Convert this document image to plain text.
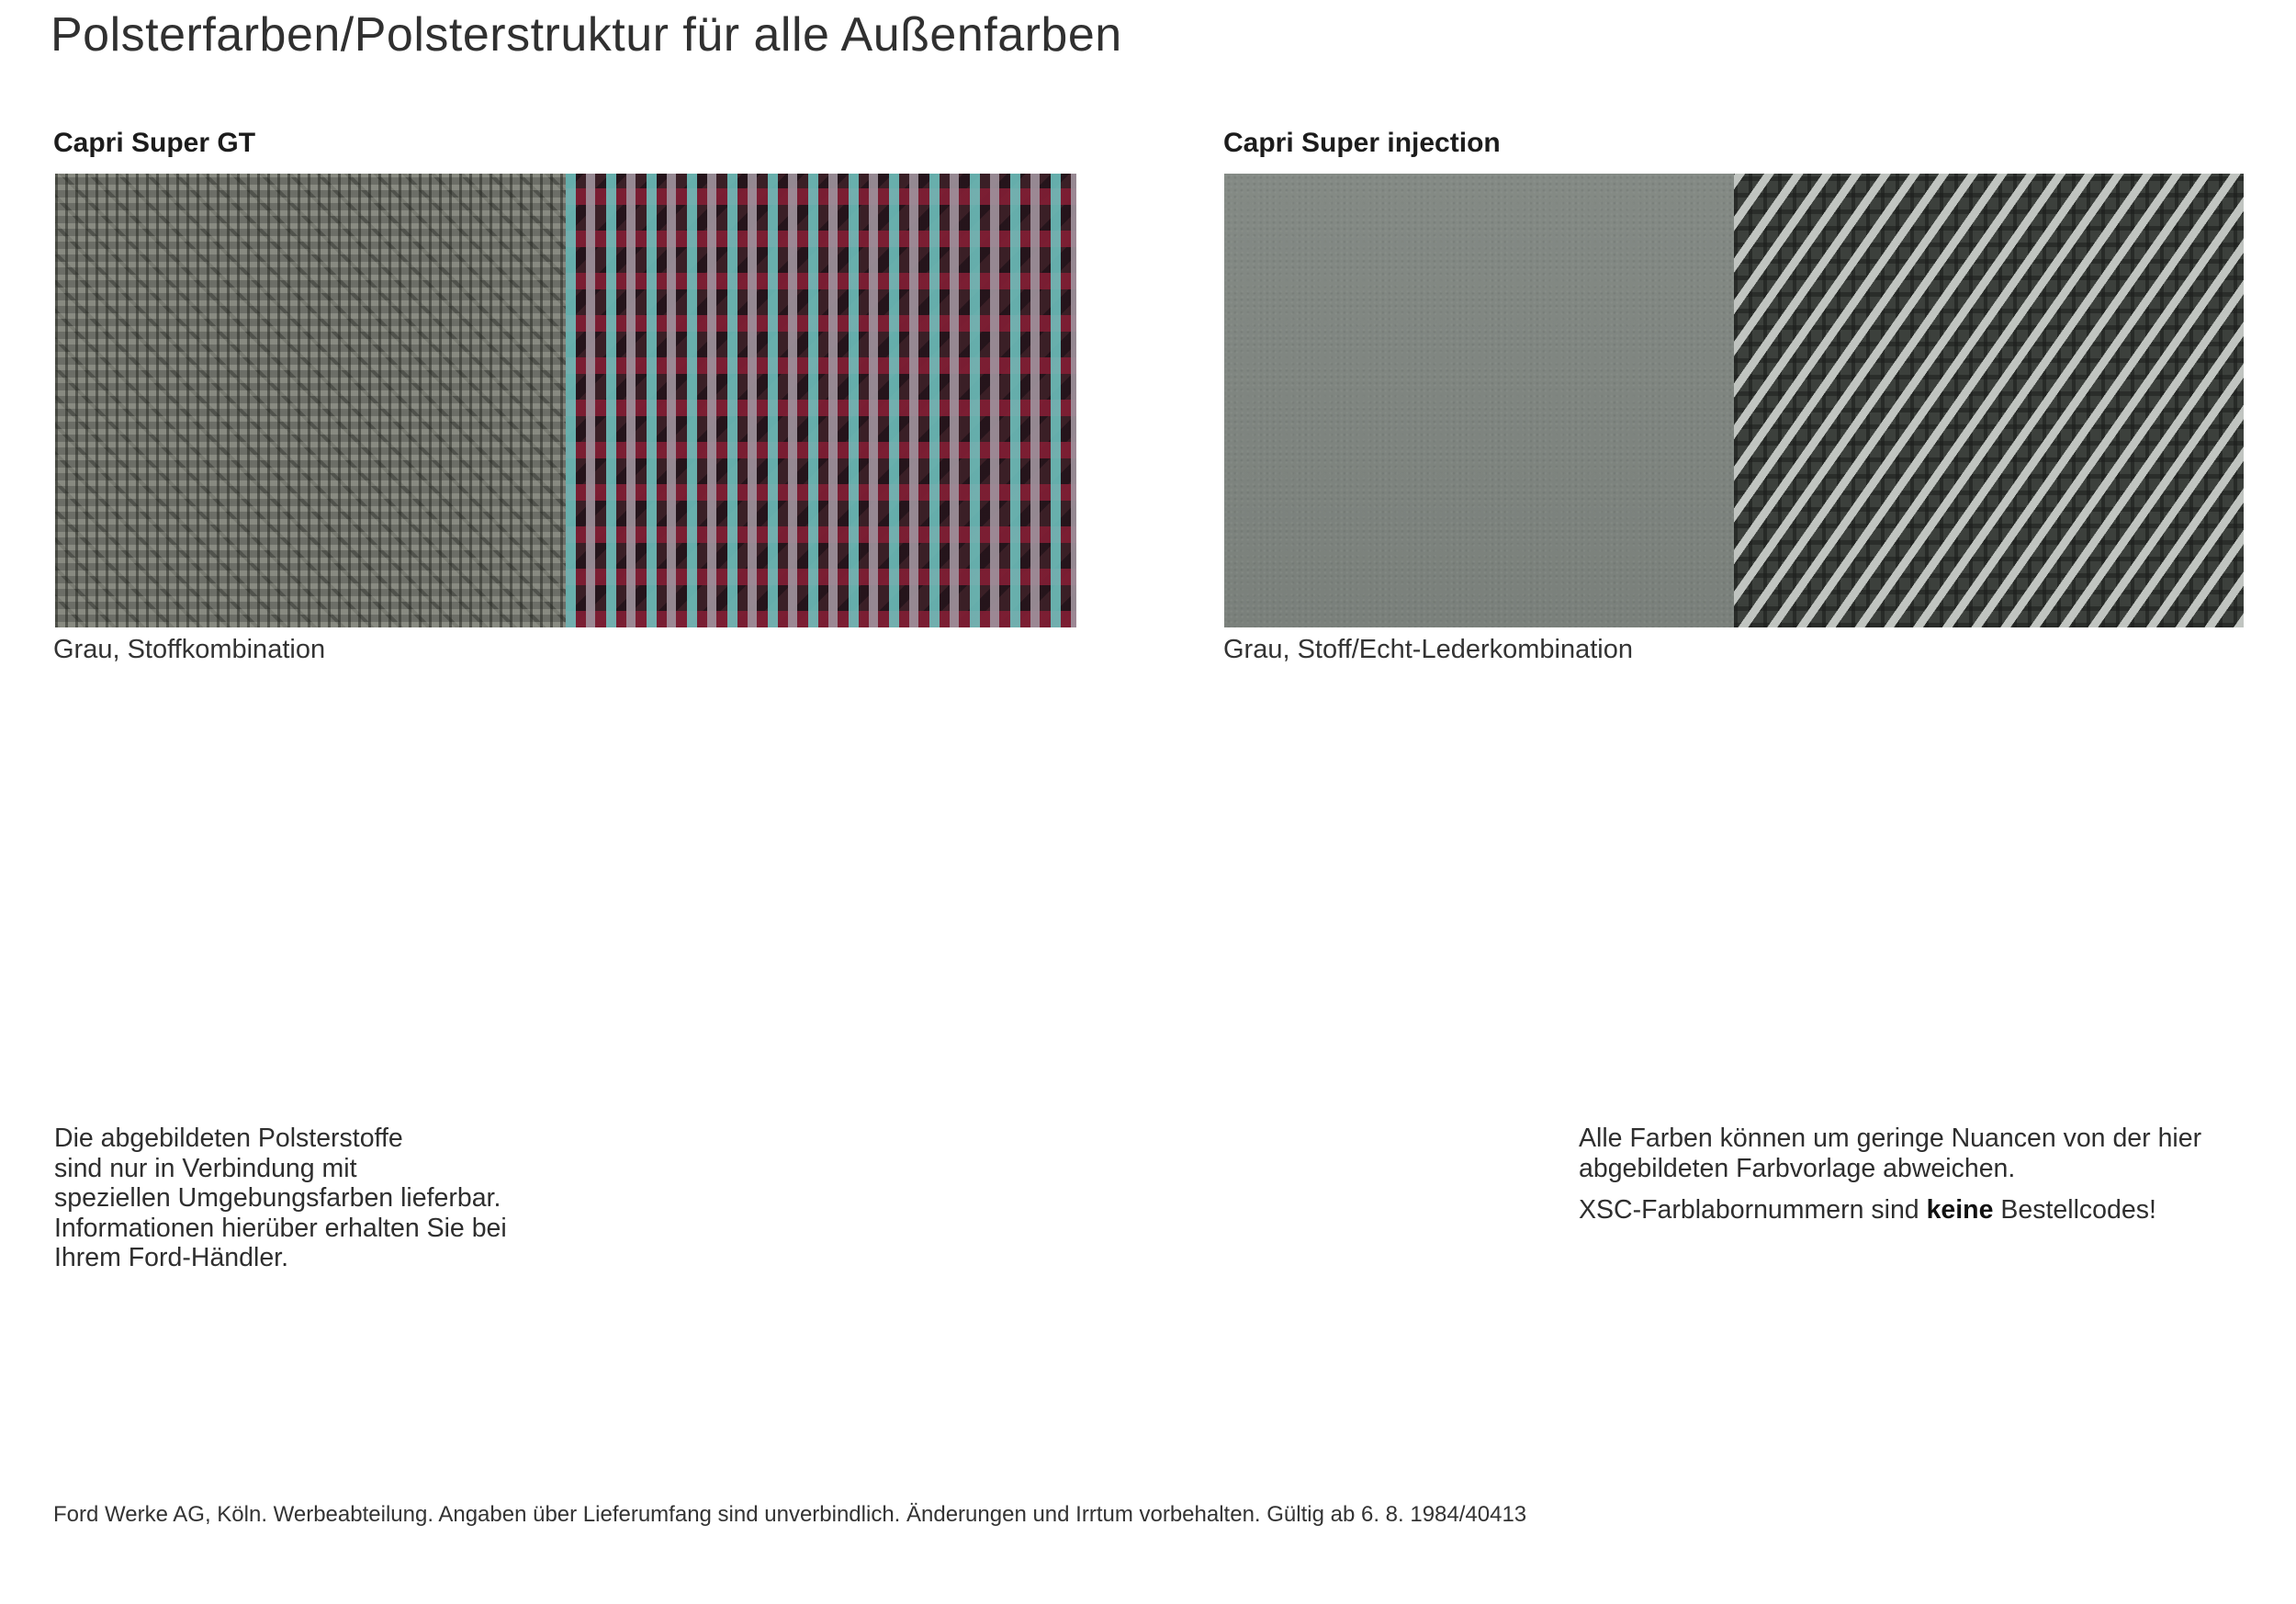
Polsterfarben/Polsterstruktur für alle Außenfarben
Capri Super GT
Grau, Stoffkombination
Capri Super injection
Grau, Stoff/Echt-Lederkombination
Die abgebildeten Polsterstoffe
sind nur in Verbindung mit
speziellen Umgebungsfarben lieferbar.
Informationen hierüber erhalten Sie bei
Ihrem Ford-Händler.
Alle Farben können um geringe Nuancen von der hier
abgebildeten Farbvorlage abweichen.
XSC-Farblabornummern sind keine Bestellcodes!
Ford Werke AG, Köln. Werbeabteilung. Angaben über Lieferumfang sind unverbindlich. Änderungen und Irrtum vorbehalten. Gültig ab 6. 8. 1984/40413
